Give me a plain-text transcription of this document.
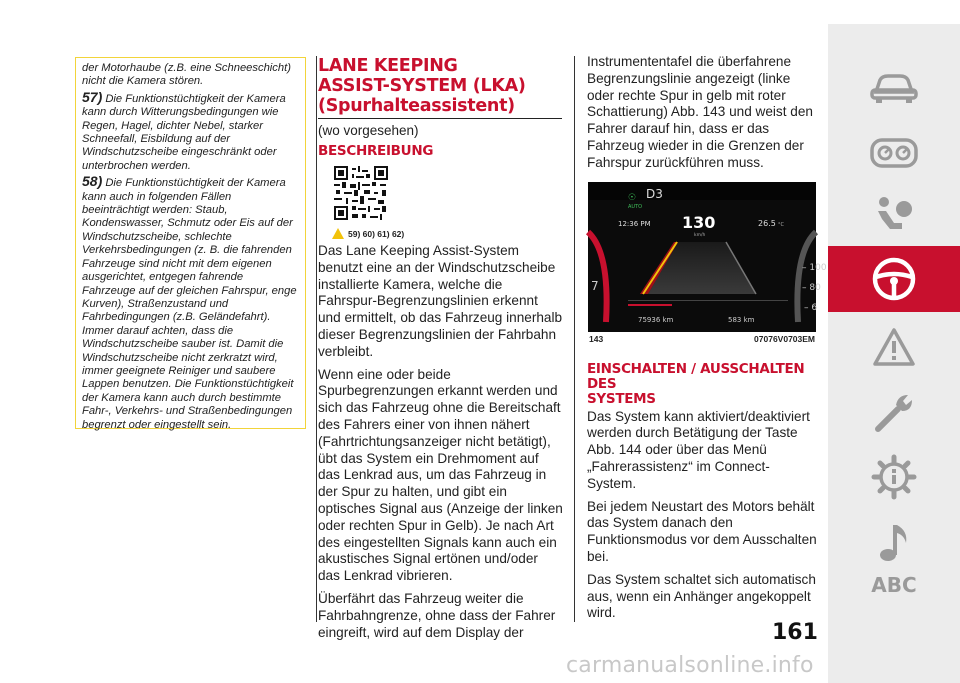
der Motorhaube (z.B. eine Schneeschicht) nicht die Kamera stören.

57) Die Funktionstüchtigkeit der Kamera kann durch Witterungsbedingungen wie Regen, Hagel, dichter Nebel, starker Schneefall, Eisbildung auf der Windschutzscheibe eingeschränkt oder unterbrochen werden.

58) Die Funktionstüchtigkeit der Kamera kann auch in folgenden Fällen beeinträchtigt werden: Staub, Kondenswasser, Schmutz oder Eis auf der Windschutzscheibe, schlechte Verkehrsbedingungen (z. B. die fahrenden Fahrzeuge sind nicht mit dem eigenen ausgerichtet, entgegen fahrende Fahrzeuge auf der gleichen Fahrspur, enge Kurven), Straßenzustand und Fahrbedingungen (z.B. Geländefahrt). Immer darauf achten, dass die Windschutzscheibe sauber ist. Damit die Windschutzscheibe nicht zerkratzt wird, immer geeignete Reiniger und saubere Lappen benutzen. Die Funktionstüchtigkeit der Kamera kann auch durch bestimmte Fahr-, Verkehrs- und Straßenbedingungen begrenzt oder eingestellt sein.

LANE KEEPING
ASSIST-SYSTEM (LKA)
(Spurhalteassistent)
(wo vorgesehen)
BESCHREIBUNG
59) 60) 61) 62)

Das Lane Keeping Assist-System benutzt eine an der Windschutzscheibe installierte Kamera, welche die Fahrspur-Begrenzungslinien erkennt und ermittelt, ob das Fahrzeug innerhalb dieser Begrenzungslinien der Fahrbahn verbleibt.

Wenn eine oder beide Spurbegrenzungen erkannt werden und sich das Fahrzeug ohne die Bereitschaft des Fahrers einer von ihnen nähert (Fahrtrichtungsanzeiger nicht betätigt), übt das System ein Drehmoment auf das Lenkrad aus, um das Fahrzeug in der Spur zu halten, und gibt ein optisches Signal aus (Anzeige der linken oder rechten Spur in Gelb). Je nach Art des eingestellten Signals kann auch ein akustisches Signal ertönen und/oder das Lenkrad vibrieren.

Überfährt das Fahrzeug weiter die Fahrbahngrenze, ohne dass der Fahrer eingreift, wird auf dem Display der

Instrumententafel die überfahrene Begrenzungslinie angezeigt (linke oder rechte Spur in gelb mit roter Schattierung) Abb. 143 und weist den Fahrer darauf hin, dass er das Fahrzeug wieder in die Grenzen der Fahrspur zurückführen muss.

☉ D3
AUTO
12:36 PM 130
km/h
26.5 °C
7
– 100
– 80
– 6
75936 km	583 km
143	07076V0703EM
EINSCHALTEN / AUSSCHALTEN DES
SYSTEMS

Das System kann aktiviert/deaktiviert werden durch Betätigung der Taste Abb. 144 oder über das Menü „Fahrerassistenz“ im Connect-System.

Bei jedem Neustart des Motors behält das System danach den Funktionsmodus vor dem Ausschalten bei.

Das System schaltet sich automatisch aus, wenn ein Anhänger angekoppelt wird.

ABC
161
carmanualsonline.info
